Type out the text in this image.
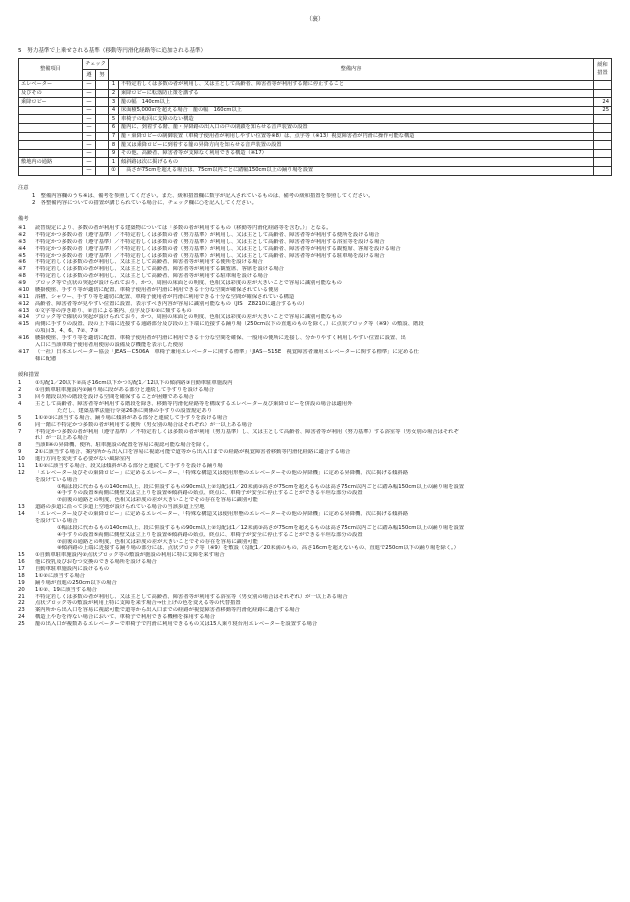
（裏）
5　努力基準で上乗せされる基準（移動等円滑化経路等に追加される基準）
整備項目	チェック		整備内容		緩和措置
	遵	努			
エレベーター	—		1	不特定若しくは多数の者が利用し、又は主として高齢者、障害者等が利用する階に停止すること	
及びその	—		2	乗降ロビーに転落防止策を講ずる	
乗降ロビー	—		3	籠の幅　140cm以上	24
	—		4	床面積5,000㎡を超える場合　籠の幅　160cm以上	25
	—		5	車椅子の転回に支障のない構造	
	—		6	籠内に、到着する階、籠・昇降路の出入口の戸の閉鎖を知らせる音声装置の設置	
	—		7	籠・乗降ロビーの制御装置（車椅子使用者が利用しやすい位置等※8）は、点字等（※13）視覚障害者が円滑に操作可能な構造	
	—		8	籠又は乗降ロビーに到着する籠の昇降方向を知らせる音声装置の設置	
	—		9	その他、高齢者、障害者等が支障なく利用できる構造（※17）	
敷地内の通路	—		1	傾斜路は次に掲げるもの	
	—		①	　高さが75cmを超える場合は、75cm以内ごとに踏幅150cm以上の踊り場を設置	
注意
1　整備内容欄のうち※は、備考を参照してください。また、緩和措置欄に数字が記入されているものは、備考の緩和措置を参照してください。
2　各整備内容についての措置が講じられている場合に、チェック欄に○を記入してください。
備考
※1	読替規定により、多数の者が利用する建築物については「多数の者が利用するもの（移動等円滑化経路等を含む。）」となる。
※2	不特定かつ多数の者（遵守基準）／不特定若しくは多数の者（努力基準）が利用し、又は主として高齢者、障害者等が利用する便所を設ける場合
※3	不特定かつ多数の者（遵守基準）／不特定若しくは多数の者（努力基準）が利用し、又は主として高齢者、障害者等が利用する浴室等を設ける場合
※4	不特定かつ多数の者（遵守基準）／不特定若しくは多数の者（努力基準）が利用し、又は主として高齢者、障害者等が利用する観覧席、客席を設ける場合
※5	不特定かつ多数の者（遵守基準）／不特定若しくは多数の者（努力基準）が利用し、又は主として高齢者、障害者等が利用する駐車場を設ける場合
※6	不特定若しくは多数の者が利用し、又は主として高齢者、障害者等が利用する便所を設ける場合
※7	不特定若しくは多数の者が利用し、又は主として高齢者、障害者等が利用する観覧席、客席を設ける場合
※8	不特定若しくは多数の者が利用し、又は主として高齢者、障害者等が利用する駐車場を設ける場合
※9	ブロック等で点状の突起が設けられており、かつ、周囲の床面との明度、色相又は彩度の差が大きいことで容易に識別可能なもの
※10	腰掛便座、手すり等が適切に配置、車椅子使用者が円滑に利用できる十分な空間が確保されている便房
※11	浴槽、シャワー、手すり等を適切に配置、車椅子使用者が円滑に利用できる十分な空間が確保されている構造
※12	高齢者、障害者等が見やすい位置に設置、表示すべき内容が容易に識別可能なもの（JIS　Z8210に適合するもの）
※13	①文字等の浮き彫り、②音による案内、点字及び①②に類するもの
※14	ブロック等で線状の突起が設けられており、かつ、周囲の床面との明度、色相又は彩度の差が大きいことで容易に識別可能なもの
※15	両側に手すりの設置、段の上下端に近接する通路部分及び段の上下端に近接する踊り場（250cm以下の直進のものを除く。）に点状ブロック等（※9）の敷設、階段
の項目3、4、6、7②、7③
※16	腰掛便座、手すり等を適切に配置、車椅子使用者が円滑に利用できる十分な空間を確保、一般用の便所に近接し、分かりやすく利用しやすい位置に設置、出
入口に当該車椅子使用者用便房の設備及び機能を表示した便房
※17	（一社）日本エレベーター協会「JEAS－C506A　車椅子兼用エレベーターに関する標準」「JIAS－515E　視覚障害者兼用エレベーターに関する標準」に定める仕
様に配慮
緩和措置
1	①勾配1／20以下②高さ16cm以下かつ勾配1／12以下の傾斜路③自動車駐車施設内
2	①自動車駐車施設内②踊り場に段がある部分と連続して手すりを設ける場合
3	回り階段以外の階段を設ける空間を確保することが困難である場合
4	主として高齢者、障害者等が利用する階段を除き、移動等円滑化経路等を構成するエレベーター及び乗降ロビーを併設の場合は適用外
ただし、建築基準法施行令第26条に関係の手すりの設置規定あり
5	1①②③に該当する場合、踊り場に傾斜がある部分と連続して手すりを設ける場合
6	同一階に不特定かつ多数の者が利用する便所（男女別の場合はそれぞれ）が一以上ある場合
7	不特定かつ多数の者が利用（遵守基準）／不特定若しくは多数の者が利用（努力基準）し、又は主として高齢者、障害者等が利用（努力基準）する浴室等（男女別の場合はそれぞ
れ）が一以上ある場合
8	当該II※の昇降機、便所、駐車施設の配置を容易に視認可能な場合を除く。
9	2①に該当する場合、案内所から出入口を容易に視認可能で道等から出入口までの経路が視覚障害者移動等円滑化経路に適合する場合
10	進行方向を変更する必要がない風除室内
11	1①②に該当する場合、段又は傾斜がある部分と連続して手すりを設ける踊り場
12	「エレベーター及びその乗降ロビー」に定めるエレベーター、「特殊な構造又は使用形態のエレベーターその他の昇降機」に定める昇降機、次に掲げる傾斜路
を設けている場合
①幅は段に代わるもの140cm以上、段に併設するもの90cm以上②勾配は1／20未満③高さが75cmを超えるものは高さ75cm以内ごとに踏み幅150cm以上の踊り場を設置
④手すりの設置⑤両側に側壁又は立上りを設置⑥傾斜路の始点、終点に、車椅子が安全に停止することができる平坦な部分の設置
⑦前後の通路との明度、色相又は彩度の差が大きいことでその存在を容易に識別可能
13	道路の歩道に沿って歩道上空地が設けられている場合の当該歩道上空地
14	「エレベーター及びその乗降ロビー」に定めるエレベーター、「特殊な構造又は使用形態のエレベーターその他の昇降機」に定める昇降機、次に掲げる傾斜路
を設けている場合
①幅は段に代わるもの140cm以上、段に併設するもの90cm以上②勾配は1／12未満③高さが75cmを超えるものは高さ75cm以内ごとに踏み幅150cm以上の踊り場を設置
④手すりの設置⑤両側に側壁又は立上りを設置⑥傾斜路の始点、終点に、車椅子が安全に停止することができる平坦な部分の設置
⑦前後の通路との明度、色相又は彩度の差が大きいことでその存在を容易に識別可能
⑧傾斜路の上端に近接する踊り場の部分には、点状ブロック等（※9）を敷設（勾配1／20未満のもの、高さ16cmを超えないもの、直進で250cm以下の踊り場を除く。）
15	①自動車駐車施設内②点状ブロック等の敷設が施設の利用に特に支障を来す場合
16	他に授乳及びおむつ交換のできる場所を設ける場合
17	自動車駐車施設内に設けるもの
18	1①②に該当する場合
19	踊り場が直進の250cm以下の場合
20	1①②、19に該当する場合
21	不特定若しくは多数の者が利用し、又は主として高齢者、障害者等が利用する浴室等（男女別の場合はそれぞれ）が一以上ある場合
22	点状ブロック等の敷設が利用上特に支障を来す場合⇒仕上げの色を変える等の代替措置
23	案内所から出入口を容易に視認可能で道等から出入口までの経路が視覚障害者移動等円滑化経路に適合する場合
24	構造上やむを得ない場合において、車椅子で利用できる機種を採用する場合
25	籠の出入口が複数あるエレベーターで車椅子で円滑に利用できるもの又は15人乗り寝台用エレベーターを設置する場合
